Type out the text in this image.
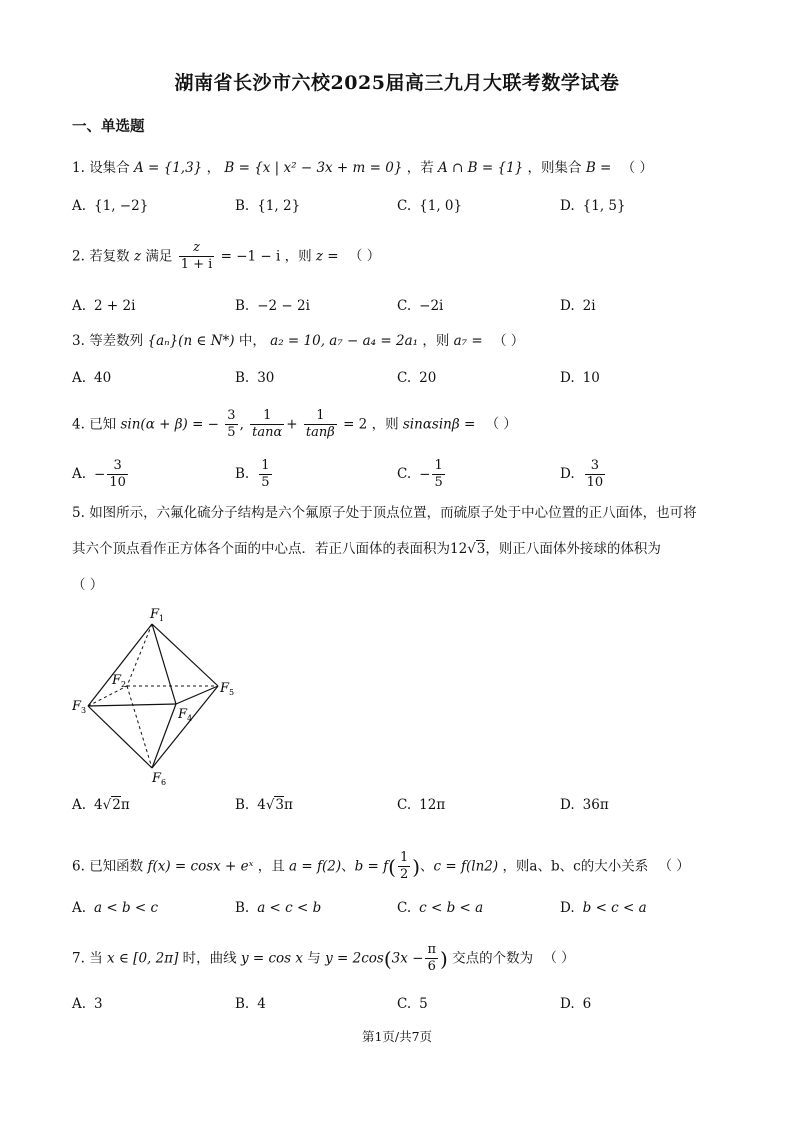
湖南省长沙市六校2025届高三九月大联考数学试卷
一、单选题
1. 设集合 A = {1,3} ， B = {x | x² − 3x + m = 0} ，若 A ∩ B = {1} ，则集合 B = （ ）
A. {1, −2}	B. {1, 2}	C. {1, 0}	D. {1, 5}
2. 若复数 z 满足 $\frac{z}{1 + i} = -1 - i$ ，则 z = （ ）
A. 2 + 2i	B. −2 − 2i	C. −2i	D. 2i
3. 等差数列 {aₙ}(n ∈ N*) 中， a₂ = 10, a₇ − a₄ = 2a₁ ，则 a₇ = （ ）
A. 40	B. 30	C. 20	D. 10
4. 已知 sin(α + β) = − $\frac{3}{5}$ , $\frac{1}{\tan\alpha} + \frac{1}{\tan\beta} = 2$ ，则 sinαsinβ = （ ）
A. − $\frac{3}{10}$	B. $\frac{1}{5}$	C. − $\frac{1}{5}$	D. $\frac{3}{10}$
5. 如图所示，六氟化硫分子结构是六个氟原子处于顶点位置，而硫原子处于中心位置的正八面体，也可将
其六个顶点看作正方体各个面的中心点．若正八面体的表面积为12√3，则正八面体外接球的体积为
（ ）
$F_1$
$F_2$
$F_3$	$F_4$
$F_5$
$F_6$
A. 4√2π	B. 4√3π	C. 12π	D. 36π
6. 已知函数 f(x) = cosx + eˣ ，且 a = f(2)、$b = f( \frac{1}{2}$ )、c = f(ln2) ，则a、b、c的大小关系 （ ）
A. a < b < c	B. a < c < b	C. c < b < a	D. b < c < a
7. 当 x ∈ [0, 2π] 时，曲线 y = cos x 与 $y = 2\cos(3x - \frac{\pi}{6}$ ) 交点的个数为 （ ）
A. 3	B. 4	C. 5	D. 6
第1页/共7页
